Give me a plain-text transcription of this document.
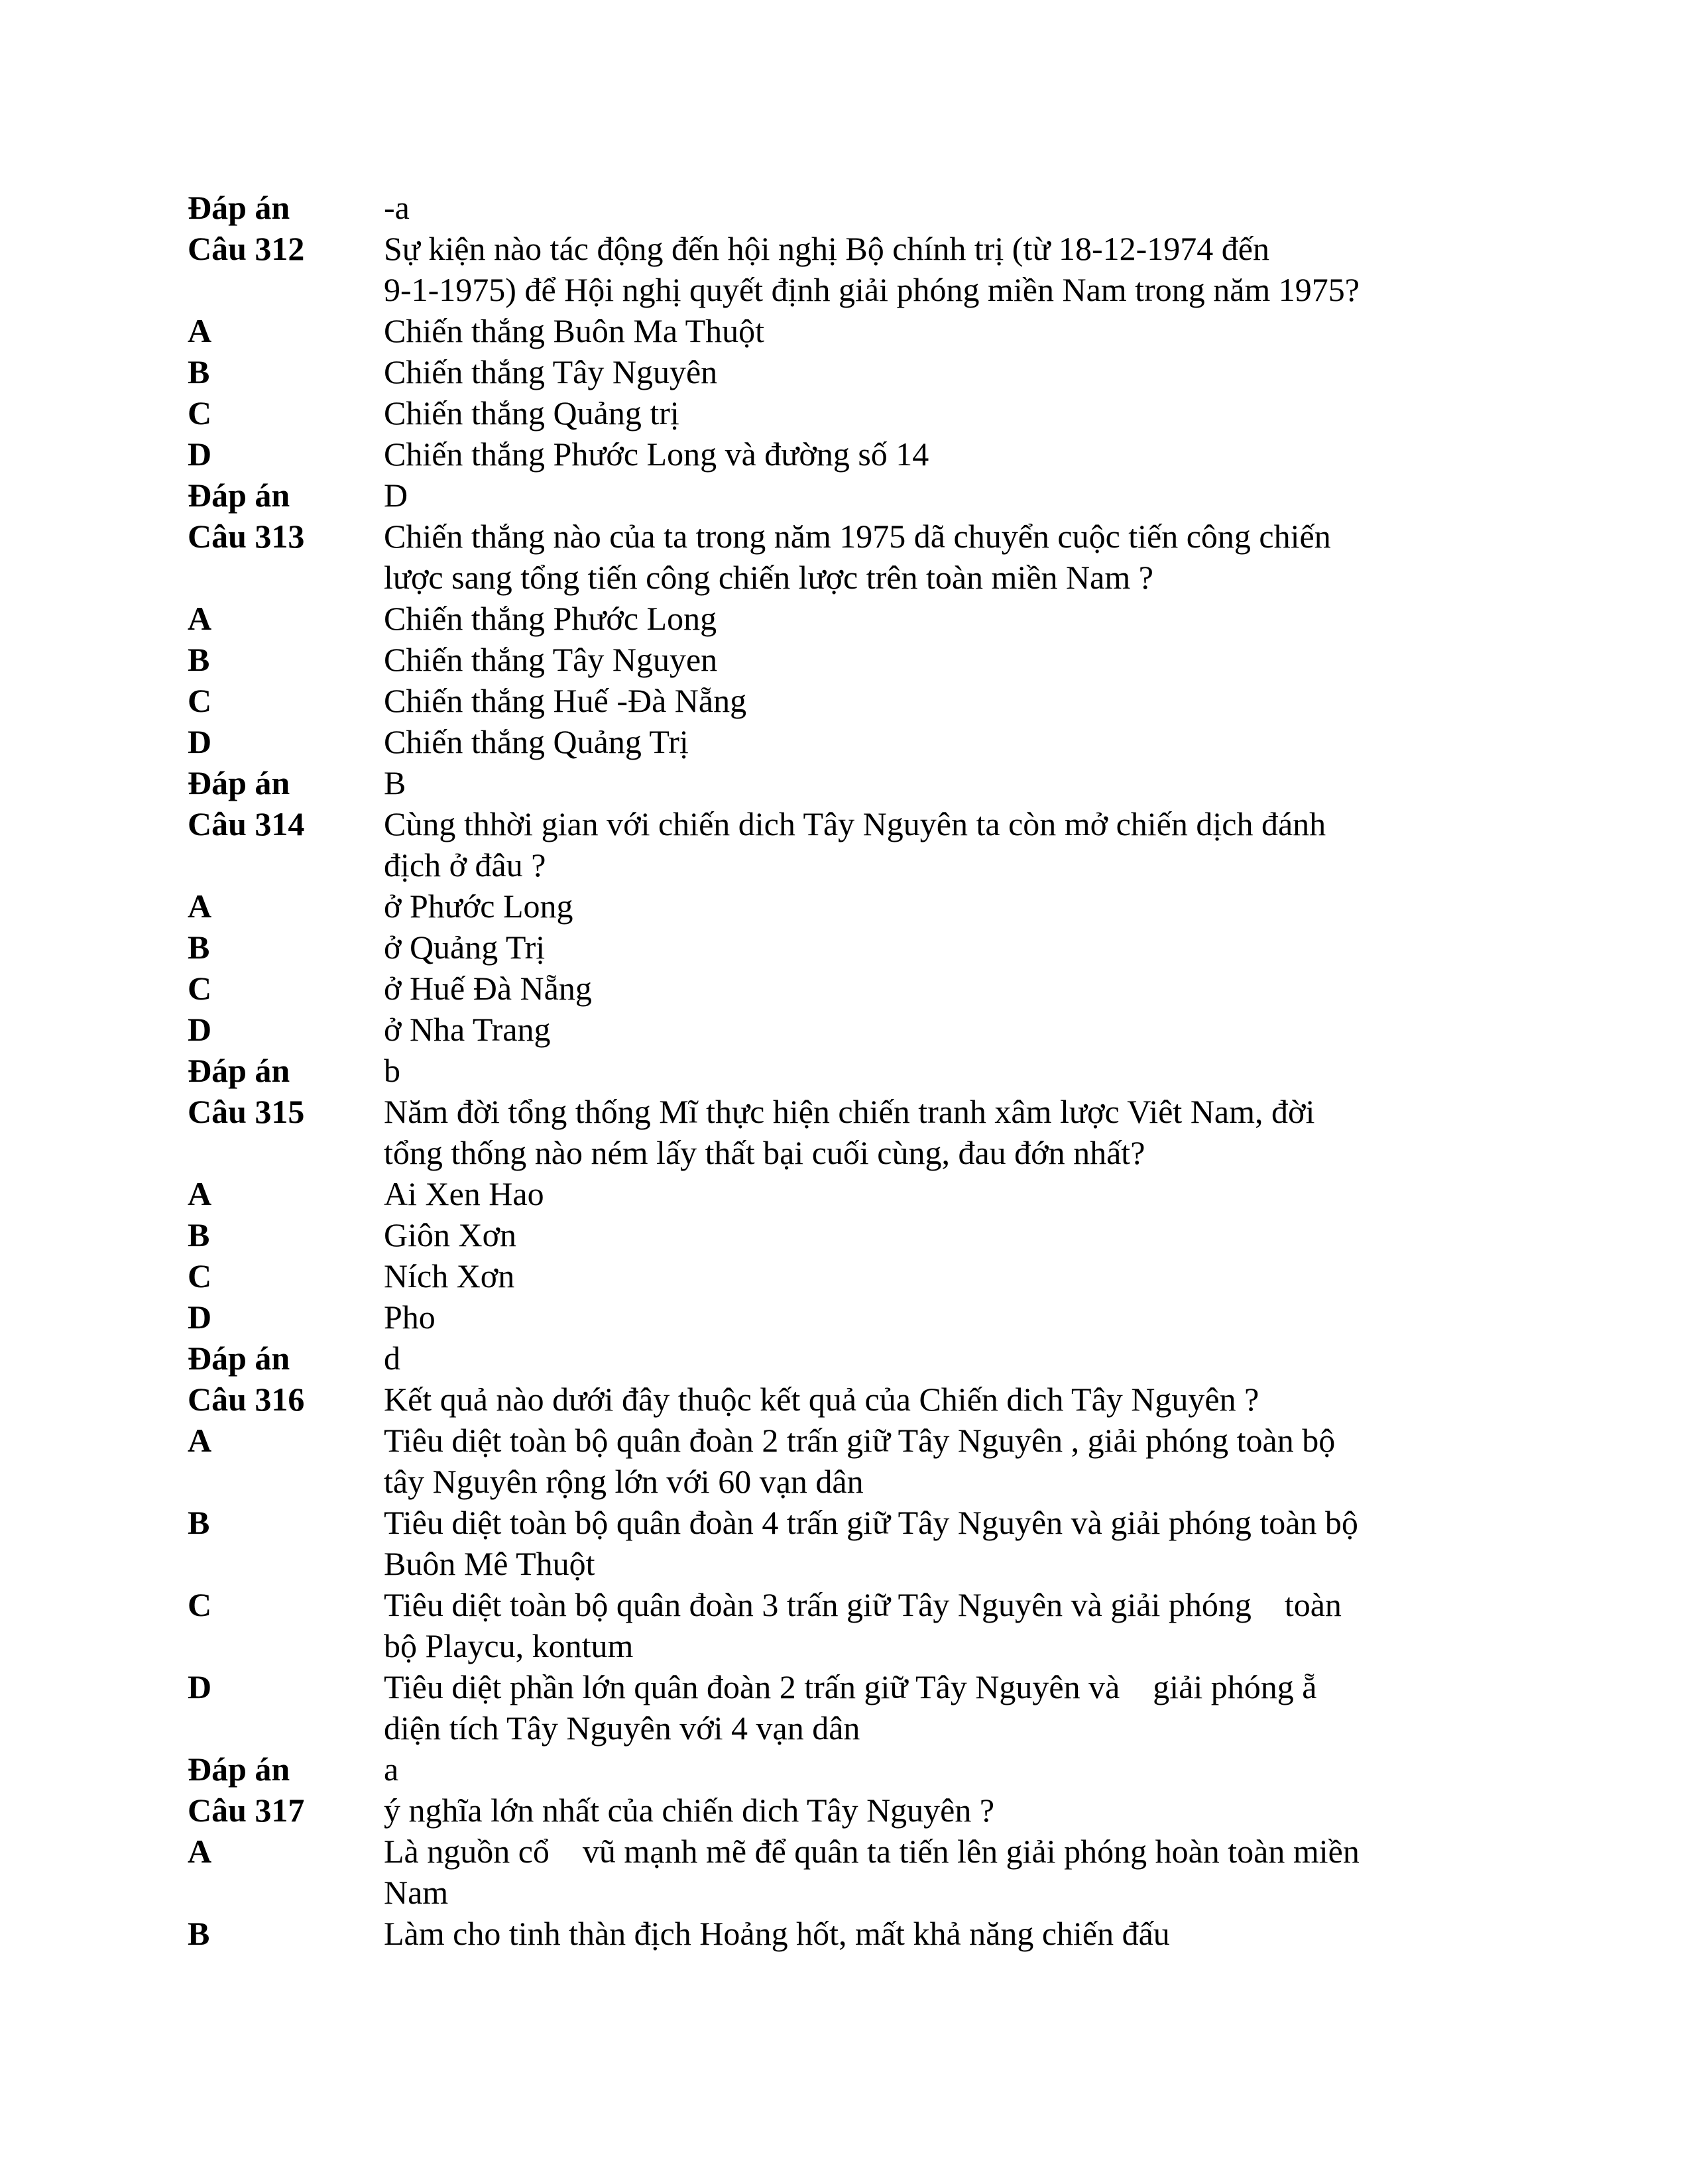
Đáp án	-a
Câu 312	Sự kiện nào tác động đến hội nghị Bộ chính trị (từ 18-12-1974 đến
9-1-1975) để Hội nghị quyết định giải phóng miền Nam trong năm 1975?
A	Chiến thắng Buôn Ma Thuột
B	Chiến thắng Tây Nguyên
C	Chiến thắng Quảng trị
D	Chiến thắng Phước Long và đường số 14
Đáp án	D
Câu 313	Chiến thắng nào của ta trong năm 1975 dã chuyển cuộc tiến công chiến
lược sang tổng tiến công chiến lược trên toàn miền Nam ?
A	Chiến thắng Phước Long
B	Chiến thắng Tây Nguyen
C	Chiến thắng Huế -Đà Nẵng
D	Chiến thắng Quảng Trị
Đáp án	B
Câu 314	Cùng thhời gian với chiến dich Tây Nguyên ta còn mở chiến dịch đánh
địch ở đâu ?
A	ở Phước Long
B	ở Quảng Trị
C	ở Huế Đà Nẵng
D	ở Nha Trang
Đáp án	b
Câu 315	Năm đời tổng thống Mĩ thực hiện chiến tranh xâm lược Viêt Nam, đời
tổng thống nào ném lấy thất bại cuối cùng, đau đớn nhất?
A	Ai Xen Hao
B	Giôn Xơn
C	Ních Xơn
D	Pho
Đáp án	d
Câu 316	Kết quả nào dưới đây thuộc kết quả của Chiến dich Tây Nguyên ?
A	Tiêu diệt toàn bộ quân đoàn 2 trấn giữ Tây Nguyên , giải phóng toàn bộ
tây Nguyên rộng lớn với 60 vạn dân
B	Tiêu diệt toàn bộ quân đoàn 4 trấn giữ Tây Nguyên và giải phóng toàn bộ
Buôn Mê Thuột
C	Tiêu diệt toàn bộ quân đoàn 3 trấn giữ Tây Nguyên và giải phóng    toàn
bộ Playcu, kontum
D	Tiêu diệt phần lớn quân đoàn 2 trấn giữ Tây Nguyên và    giải phóng ẵ
diện tích Tây Nguyên với 4 vạn dân
Đáp án	a
Câu 317	ý nghĩa lớn nhất của chiến dich Tây Nguyên ?
A	Là nguồn cổ    vũ mạnh mẽ để quân ta tiến lên giải phóng hoàn toàn miền
Nam
B	Làm cho tinh thàn địch Hoảng hốt, mất khả năng chiến đấu
